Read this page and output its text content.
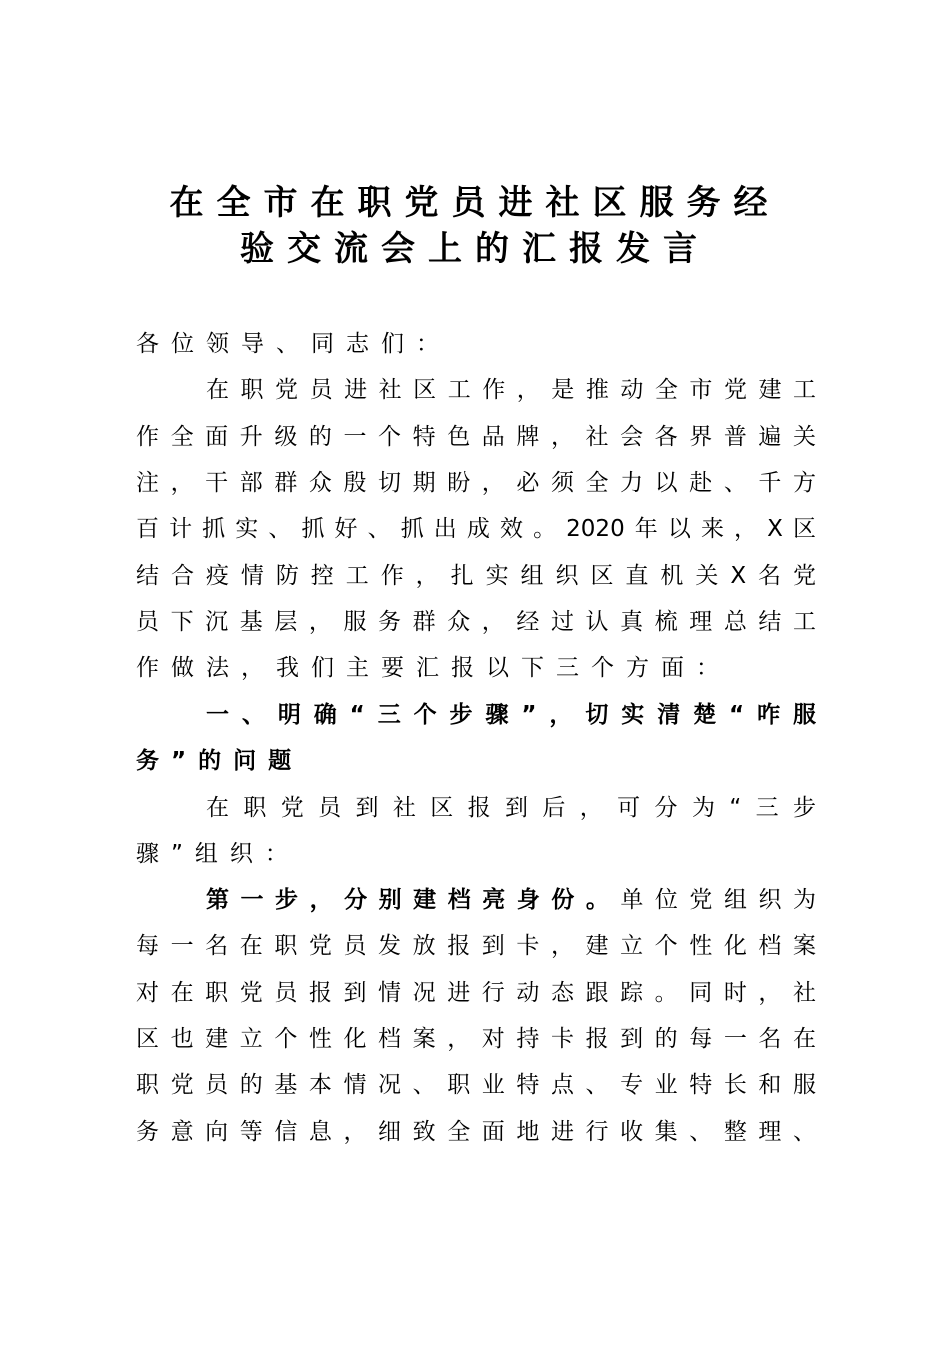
在全市在职党员进社区服务经
验交流会上的汇报发言
各位领导、同志们：
在职党员进社区工作，是推动全市党建工
作全面升级的一个特色品牌，社会各界普遍关
注，干部群众殷切期盼，必须全力以赴、千方
百计抓实、抓好、抓出成效。2020年以来，X区
结合疫情防控工作，扎实组织区直机关X名党
员下沉基层，服务群众，经过认真梳理总结工
作做法，我们主要汇报以下三个方面：
一、明确“三个步骤”，切实清楚“咋服
务”的问题
在职党员到社区报到后，可分为“三步
骤”组织：
第一步，分别建档亮身份。单位党组织为
每一名在职党员发放报到卡，建立个性化档案
对在职党员报到情况进行动态跟踪。同时，社
区也建立个性化档案，对持卡报到的每一名在
职党员的基本情况、职业特点、专业特长和服
务意向等信息，细致全面地进行收集、整理、
